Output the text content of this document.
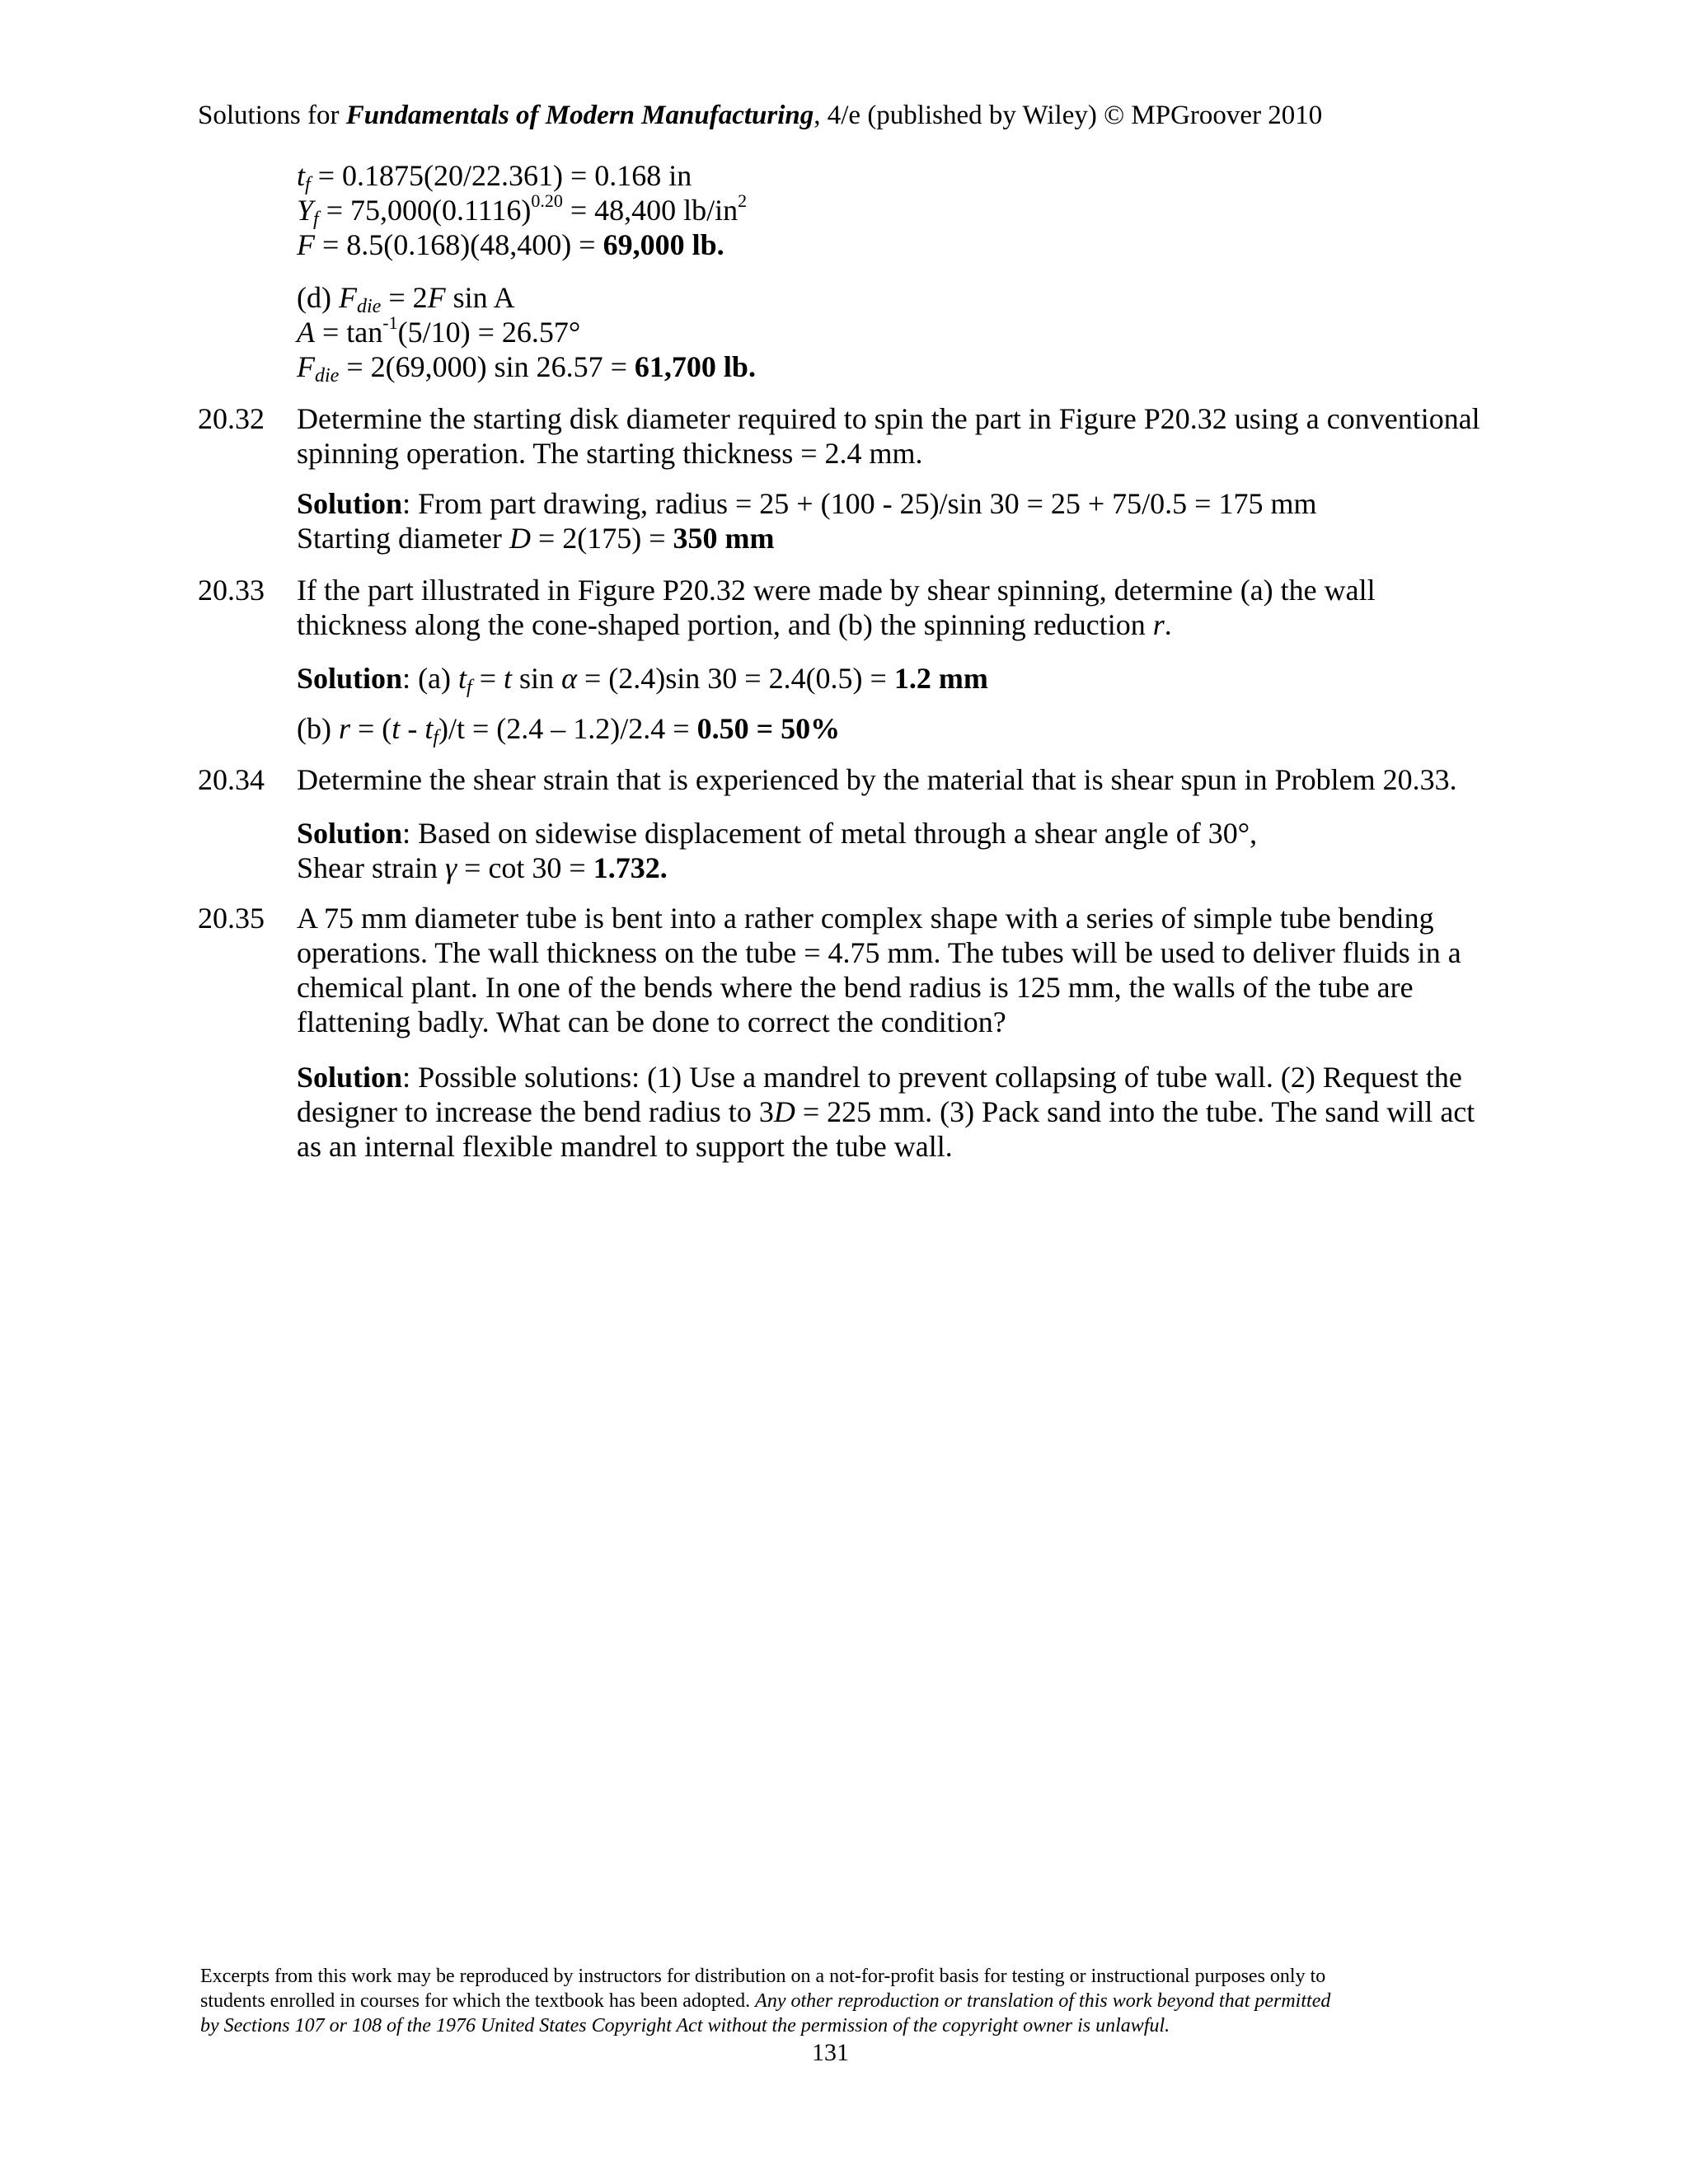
Solutions for Fundamentals of Modern Manufacturing, 4/e (published by Wiley) © MPGroover 2010
$t_f = 0.1875(20/22.361) = 0.168$ in
$Y_f = 75,000(0.1116)^{0.20} = 48,400$ $lb/in^2$
F = 8.5(0.168)(48,400) = 69,000 lb.
(d) $F_{die} = 2F$ sin A
$A = \tan^{-1}(5/10) = 26.57^\circ$
$F_{die} = 2(69,000)$ sin 26.57 = 61,700 lb.
20.32 Determine the starting disk diameter required to spin the part in Figure P20.32 using a conventional
spinning operation. The starting thickness = 2.4 mm.
Solution: From part drawing, radius = 25 + (100 - 25)/sin 30 = 25 + 75/0.5 = 175 mm
Starting diameter D = 2(175) = 350 mm
20.33 If the part illustrated in Figure P20.32 were made by shear spinning, determine (a) the wall
thickness along the cone-shaped portion, and (b) the spinning reduction r.
Solution: (a) $t_f = t$ sin α = (2.4)sin 30 = 2.4(0.5) = 1.2 mm
(b) $r = (t - t_f)/t = (2.4 - 1.2)/2.4 = 0.50 = 50\%$
20.34 Determine the shear strain that is experienced by the material that is shear spun in Problem 20.33.
Solution: Based on sidewise displacement of metal through a shear angle of 30°,
Shear strain γ = cot 30 = 1.732.
20.35 A 75 mm diameter tube is bent into a rather complex shape with a series of simple tube bending
operations. The wall thickness on the tube = 4.75 mm. The tubes will be used to deliver fluids in a
chemical plant. In one of the bends where the bend radius is 125 mm, the walls of the tube are
flattening badly. What can be done to correct the condition?
Solution: Possible solutions: (1) Use a mandrel to prevent collapsing of tube wall. (2) Request the
designer to increase the bend radius to 3D = 225 mm. (3) Pack sand into the tube. The sand will act
as an internal flexible mandrel to support the tube wall.
Excerpts from this work may be reproduced by instructors for distribution on a not-for-profit basis for testing or instructional purposes only to
students enrolled in courses for which the textbook has been adopted. Any other reproduction or translation of this work beyond that permitted
by Sections 107 or 108 of the 1976 United States Copyright Act without the permission of the copyright owner is unlawful.
131
